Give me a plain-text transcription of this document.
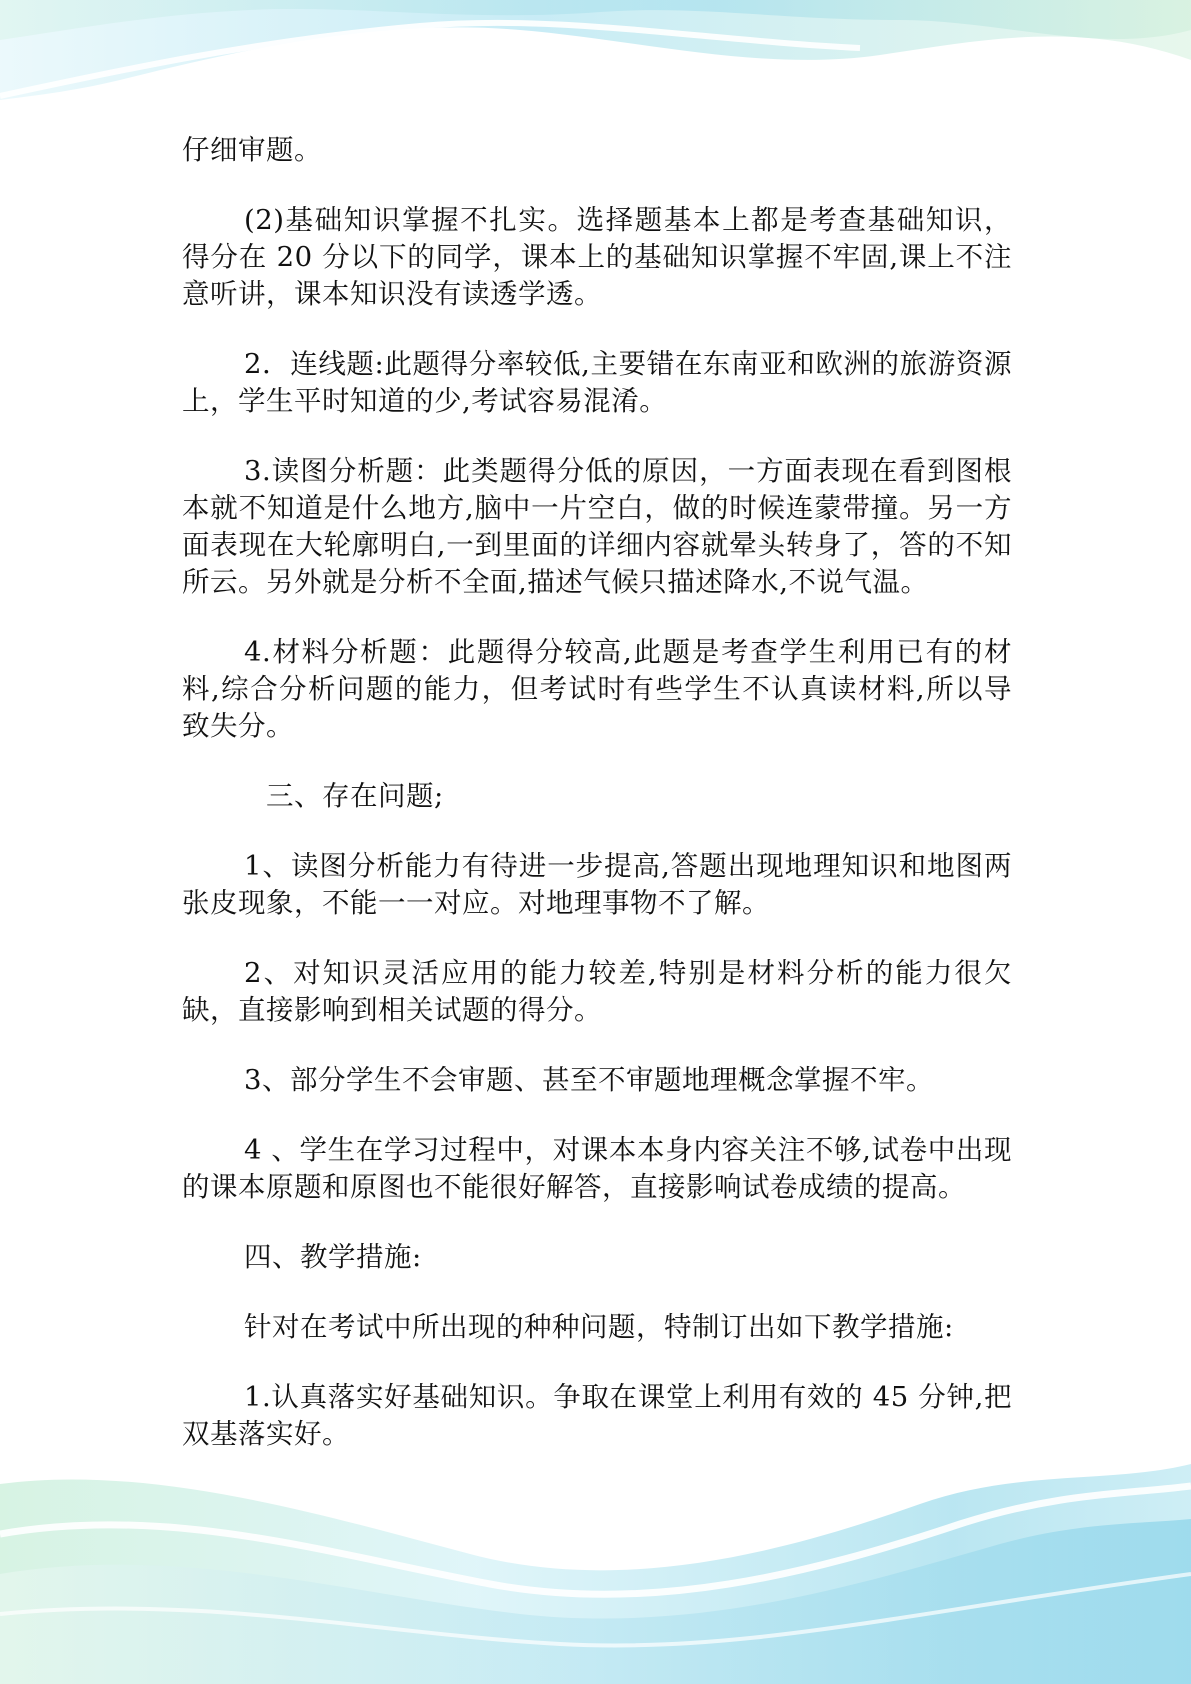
仔细审题。

(2)基础知识掌握不扎实。选择题基本上都是考查基础知识，得分在 20 分以下的同学，课本上的基础知识掌握不牢固,课上不注意听讲，课本知识没有读透学透。

2．连线题:此题得分率较低,主要错在东南亚和欧洲的旅游资源上，学生平时知道的少,考试容易混淆。

3.读图分析题：此类题得分低的原因，一方面表现在看到图根本就不知道是什么地方,脑中一片空白，做的时候连蒙带撞。另一方面表现在大轮廓明白,一到里面的详细内容就晕头转身了，答的不知所云。另外就是分析不全面,描述气候只描述降水,不说气温。

4.材料分析题：此题得分较高,此题是考查学生利用已有的材料,综合分析问题的能力，但考试时有些学生不认真读材料,所以导致失分。

三、存在问题;

1、读图分析能力有待进一步提高,答题出现地理知识和地图两张皮现象，不能一一对应。对地理事物不了解。

2、对知识灵活应用的能力较差,特别是材料分析的能力很欠缺，直接影响到相关试题的得分。

3、部分学生不会审题、甚至不审题地理概念掌握不牢。

4 、学生在学习过程中，对课本本身内容关注不够,试卷中出现的课本原题和原图也不能很好解答，直接影响试卷成绩的提高。

四、教学措施:

针对在考试中所出现的种种问题，特制订出如下教学措施:

1.认真落实好基础知识。争取在课堂上利用有效的 45 分钟,把双基落实好。
